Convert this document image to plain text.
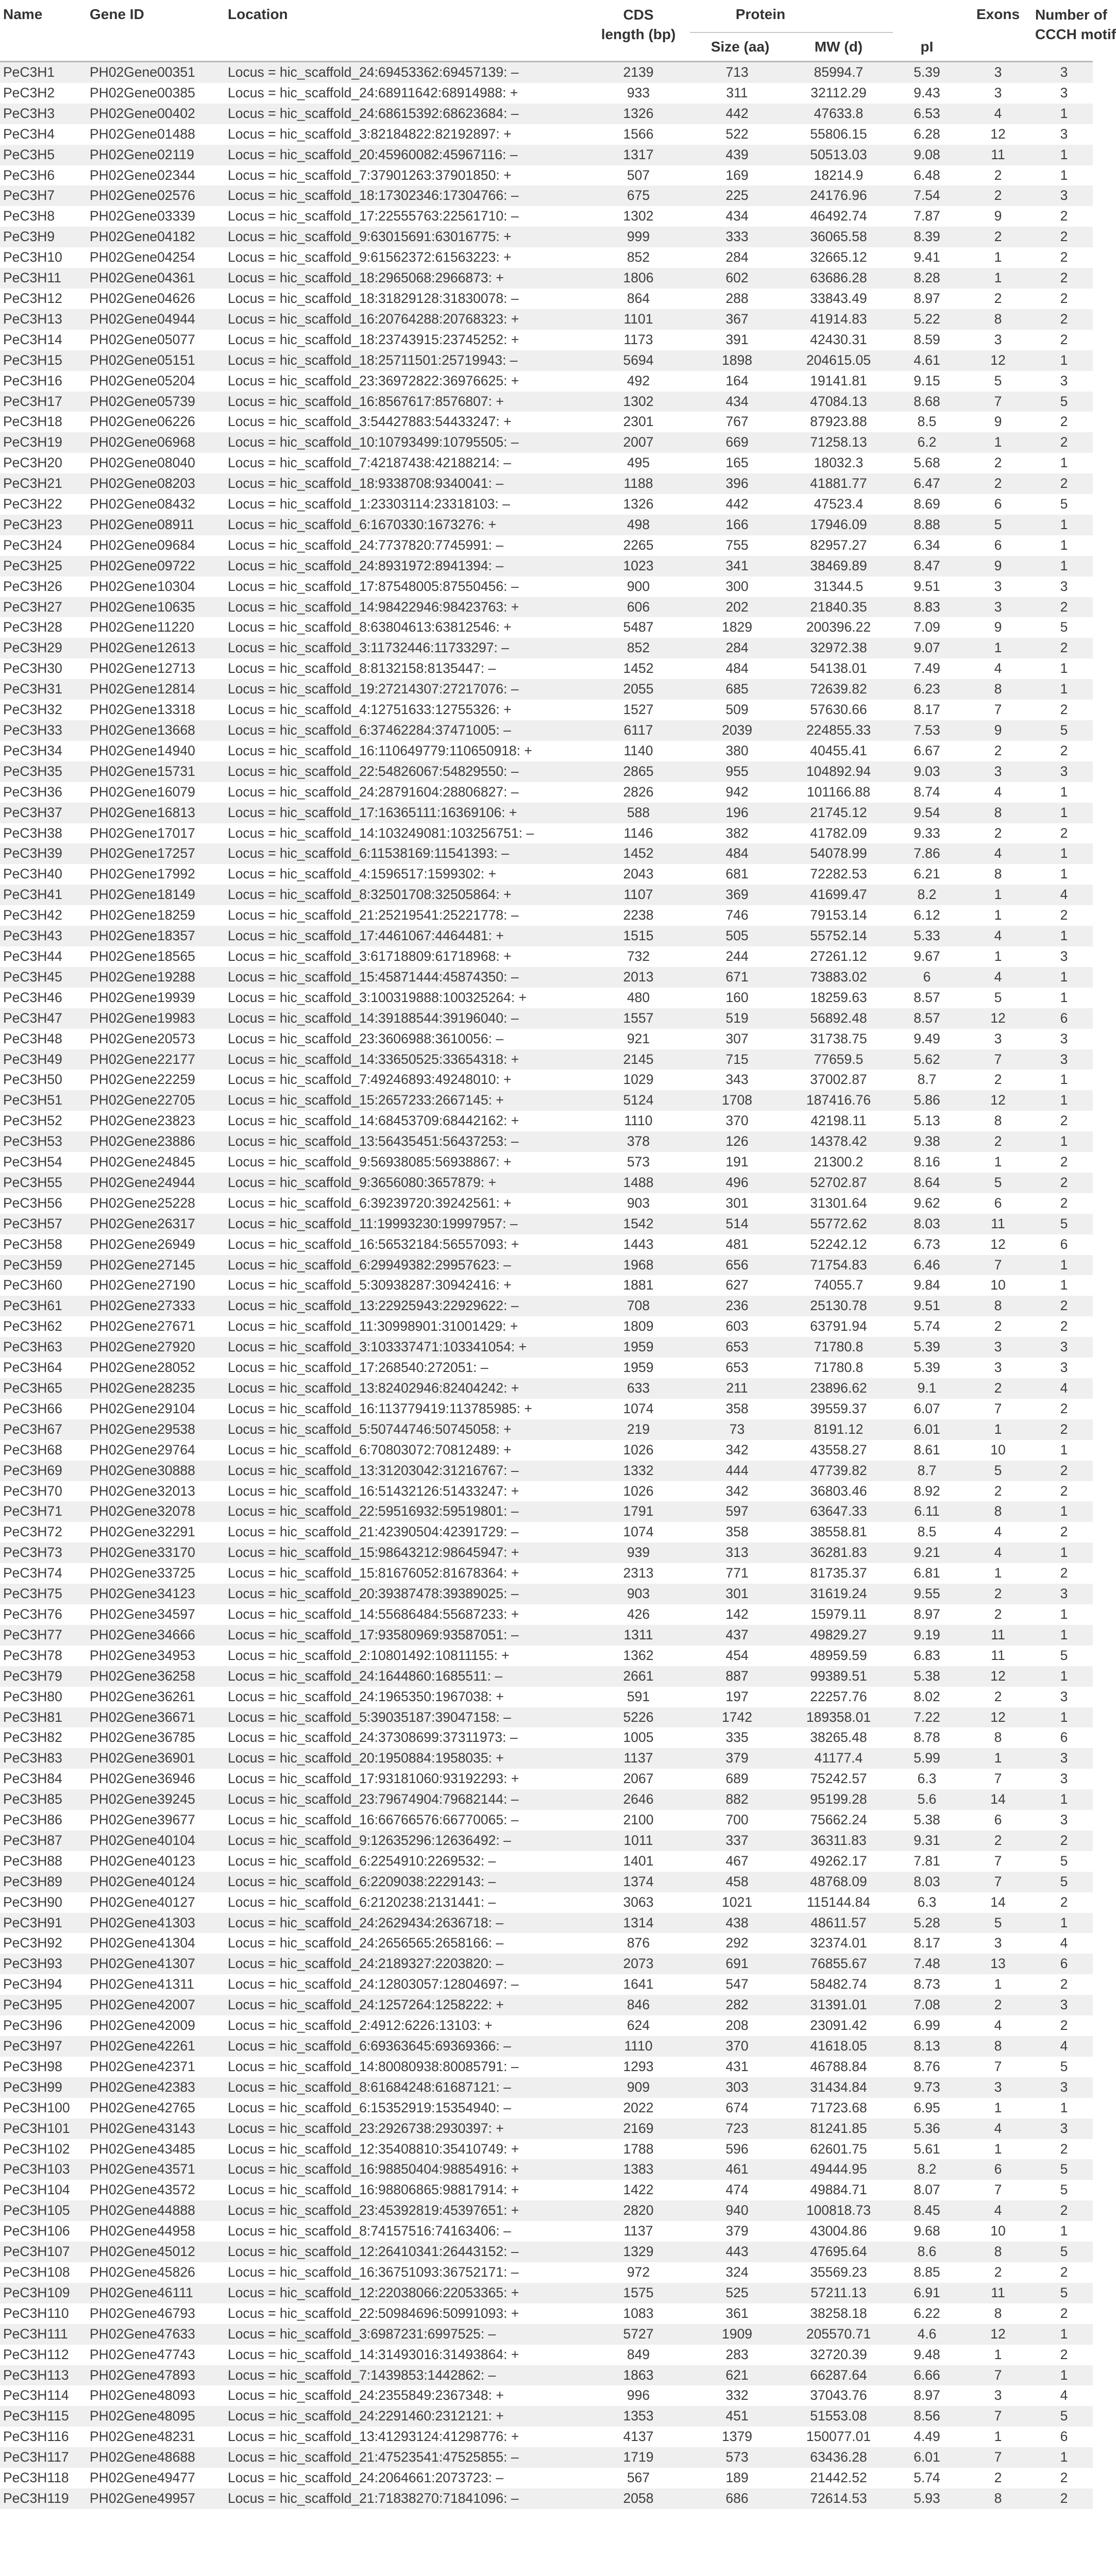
Name	Gene ID	Location	CDS
length (bp)	Protein			Exons	Number of
CCCH motif
				Size (aa)	MW (d)	pI		
PeC3H1	PH02Gene00351	Locus = hic_scaffold_24:69453362:69457139: –	2139	713	85994.7	5.39	3	3
PeC3H2	PH02Gene00385	Locus = hic_scaffold_24:68911642:68914988: +	933	311	32112.29	9.43	3	3
PeC3H3	PH02Gene00402	Locus = hic_scaffold_24:68615392:68623684: –	1326	442	47633.8	6.53	4	1
PeC3H4	PH02Gene01488	Locus = hic_scaffold_3:82184822:82192897: +	1566	522	55806.15	6.28	12	3
PeC3H5	PH02Gene02119	Locus = hic_scaffold_20:45960082:45967116: –	1317	439	50513.03	9.08	11	1
PeC3H6	PH02Gene02344	Locus = hic_scaffold_7:37901263:37901850: +	507	169	18214.9	6.48	2	1
PeC3H7	PH02Gene02576	Locus = hic_scaffold_18:17302346:17304766: –	675	225	24176.96	7.54	2	3
PeC3H8	PH02Gene03339	Locus = hic_scaffold_17:22555763:22561710: –	1302	434	46492.74	7.87	9	2
PeC3H9	PH02Gene04182	Locus = hic_scaffold_9:63015691:63016775: +	999	333	36065.58	8.39	2	2
PeC3H10	PH02Gene04254	Locus = hic_scaffold_9:61562372:61563223: +	852	284	32665.12	9.41	1	2
PeC3H11	PH02Gene04361	Locus = hic_scaffold_18:2965068:2966873: +	1806	602	63686.28	8.28	1	2
PeC3H12	PH02Gene04626	Locus = hic_scaffold_18:31829128:31830078: –	864	288	33843.49	8.97	2	2
PeC3H13	PH02Gene04944	Locus = hic_scaffold_16:20764288:20768323: +	1101	367	41914.83	5.22	8	2
PeC3H14	PH02Gene05077	Locus = hic_scaffold_18:23743915:23745252: +	1173	391	42430.31	8.59	3	2
PeC3H15	PH02Gene05151	Locus = hic_scaffold_18:25711501:25719943: –	5694	1898	204615.05	4.61	12	1
PeC3H16	PH02Gene05204	Locus = hic_scaffold_23:36972822:36976625: +	492	164	19141.81	9.15	5	3
PeC3H17	PH02Gene05739	Locus = hic_scaffold_16:8567617:8576807: +	1302	434	47084.13	8.68	7	5
PeC3H18	PH02Gene06226	Locus = hic_scaffold_3:54427883:54433247: +	2301	767	87923.88	8.5	9	2
PeC3H19	PH02Gene06968	Locus = hic_scaffold_10:10793499:10795505: –	2007	669	71258.13	6.2	1	2
PeC3H20	PH02Gene08040	Locus = hic_scaffold_7:42187438:42188214: –	495	165	18032.3	5.68	2	1
PeC3H21	PH02Gene08203	Locus = hic_scaffold_18:9338708:9340041: –	1188	396	41881.77	6.47	2	2
PeC3H22	PH02Gene08432	Locus = hic_scaffold_1:23303114:23318103: –	1326	442	47523.4	8.69	6	5
PeC3H23	PH02Gene08911	Locus = hic_scaffold_6:1670330:1673276: +	498	166	17946.09	8.88	5	1
PeC3H24	PH02Gene09684	Locus = hic_scaffold_24:7737820:7745991: –	2265	755	82957.27	6.34	6	1
PeC3H25	PH02Gene09722	Locus = hic_scaffold_24:8931972:8941394: –	1023	341	38469.89	8.47	9	1
PeC3H26	PH02Gene10304	Locus = hic_scaffold_17:87548005:87550456: –	900	300	31344.5	9.51	3	3
PeC3H27	PH02Gene10635	Locus = hic_scaffold_14:98422946:98423763: +	606	202	21840.35	8.83	3	2
PeC3H28	PH02Gene11220	Locus = hic_scaffold_8:63804613:63812546: +	5487	1829	200396.22	7.09	9	5
PeC3H29	PH02Gene12613	Locus = hic_scaffold_3:11732446:11733297: –	852	284	32972.38	9.07	1	2
PeC3H30	PH02Gene12713	Locus = hic_scaffold_8:8132158:8135447: –	1452	484	54138.01	7.49	4	1
PeC3H31	PH02Gene12814	Locus = hic_scaffold_19:27214307:27217076: –	2055	685	72639.82	6.23	8	1
PeC3H32	PH02Gene13318	Locus = hic_scaffold_4:12751633:12755326: +	1527	509	57630.66	8.17	7	2
PeC3H33	PH02Gene13668	Locus = hic_scaffold_6:37462284:37471005: –	6117	2039	224855.33	7.53	9	5
PeC3H34	PH02Gene14940	Locus = hic_scaffold_16:110649779:110650918: +	1140	380	40455.41	6.67	2	2
PeC3H35	PH02Gene15731	Locus = hic_scaffold_22:54826067:54829550: –	2865	955	104892.94	9.03	3	3
PeC3H36	PH02Gene16079	Locus = hic_scaffold_24:28791604:28806827: –	2826	942	101166.88	8.74	4	1
PeC3H37	PH02Gene16813	Locus = hic_scaffold_17:16365111:16369106: +	588	196	21745.12	9.54	8	1
PeC3H38	PH02Gene17017	Locus = hic_scaffold_14:103249081:103256751: –	1146	382	41782.09	9.33	2	2
PeC3H39	PH02Gene17257	Locus = hic_scaffold_6:11538169:11541393: –	1452	484	54078.99	7.86	4	1
PeC3H40	PH02Gene17992	Locus = hic_scaffold_4:1596517:1599302: +	2043	681	72282.53	6.21	8	1
PeC3H41	PH02Gene18149	Locus = hic_scaffold_8:32501708:32505864: +	1107	369	41699.47	8.2	1	4
PeC3H42	PH02Gene18259	Locus = hic_scaffold_21:25219541:25221778: –	2238	746	79153.14	6.12	1	2
PeC3H43	PH02Gene18357	Locus = hic_scaffold_17:4461067:4464481: +	1515	505	55752.14	5.33	4	1
PeC3H44	PH02Gene18565	Locus = hic_scaffold_3:61718809:61718968: +	732	244	27261.12	9.67	1	3
PeC3H45	PH02Gene19288	Locus = hic_scaffold_15:45871444:45874350: –	2013	671	73883.02	6	4	1
PeC3H46	PH02Gene19939	Locus = hic_scaffold_3:100319888:100325264: +	480	160	18259.63	8.57	5	1
PeC3H47	PH02Gene19983	Locus = hic_scaffold_14:39188544:39196040: –	1557	519	56892.48	8.57	12	6
PeC3H48	PH02Gene20573	Locus = hic_scaffold_23:3606988:3610056: –	921	307	31738.75	9.49	3	3
PeC3H49	PH02Gene22177	Locus = hic_scaffold_14:33650525:33654318: +	2145	715	77659.5	5.62	7	3
PeC3H50	PH02Gene22259	Locus = hic_scaffold_7:49246893:49248010: +	1029	343	37002.87	8.7	2	1
PeC3H51	PH02Gene22705	Locus = hic_scaffold_15:2657233:2667145: +	5124	1708	187416.76	5.86	12	1
PeC3H52	PH02Gene23823	Locus = hic_scaffold_14:68453709:68442162: +	1110	370	42198.11	5.13	8	2
PeC3H53	PH02Gene23886	Locus = hic_scaffold_13:56435451:56437253: –	378	126	14378.42	9.38	2	1
PeC3H54	PH02Gene24845	Locus = hic_scaffold_9:56938085:56938867: +	573	191	21300.2	8.16	1	2
PeC3H55	PH02Gene24944	Locus = hic_scaffold_9:3656080:3657879: +	1488	496	52702.87	8.64	5	2
PeC3H56	PH02Gene25228	Locus = hic_scaffold_6:39239720:39242561: +	903	301	31301.64	9.62	6	2
PeC3H57	PH02Gene26317	Locus = hic_scaffold_11:19993230:19997957: –	1542	514	55772.62	8.03	11	5
PeC3H58	PH02Gene26949	Locus = hic_scaffold_16:56532184:56557093: +	1443	481	52242.12	6.73	12	6
PeC3H59	PH02Gene27145	Locus = hic_scaffold_6:29949382:29957623: –	1968	656	71754.83	6.46	7	1
PeC3H60	PH02Gene27190	Locus = hic_scaffold_5:30938287:30942416: +	1881	627	74055.7	9.84	10	1
PeC3H61	PH02Gene27333	Locus = hic_scaffold_13:22925943:22929622: –	708	236	25130.78	9.51	8	2
PeC3H62	PH02Gene27671	Locus = hic_scaffold_11:30998901:31001429: +	1809	603	63791.94	5.74	2	2
PeC3H63	PH02Gene27920	Locus = hic_scaffold_3:103337471:103341054: +	1959	653	71780.8	5.39	3	3
PeC3H64	PH02Gene28052	Locus = hic_scaffold_17:268540:272051: –	1959	653	71780.8	5.39	3	3
PeC3H65	PH02Gene28235	Locus = hic_scaffold_13:82402946:82404242: +	633	211	23896.62	9.1	2	4
PeC3H66	PH02Gene29104	Locus = hic_scaffold_16:113779419:113785985: +	1074	358	39559.37	6.07	7	2
PeC3H67	PH02Gene29538	Locus = hic_scaffold_5:50744746:50745058: +	219	73	8191.12	6.01	1	2
PeC3H68	PH02Gene29764	Locus = hic_scaffold_6:70803072:70812489: +	1026	342	43558.27	8.61	10	1
PeC3H69	PH02Gene30888	Locus = hic_scaffold_13:31203042:31216767: –	1332	444	47739.82	8.7	5	2
PeC3H70	PH02Gene32013	Locus = hic_scaffold_16:51432126:51433247: +	1026	342	36803.46	8.92	2	2
PeC3H71	PH02Gene32078	Locus = hic_scaffold_22:59516932:59519801: –	1791	597	63647.33	6.11	8	1
PeC3H72	PH02Gene32291	Locus = hic_scaffold_21:42390504:42391729: –	1074	358	38558.81	8.5	4	2
PeC3H73	PH02Gene33170	Locus = hic_scaffold_15:98643212:98645947: +	939	313	36281.83	9.21	4	1
PeC3H74	PH02Gene33725	Locus = hic_scaffold_15:81676052:81678364: +	2313	771	81735.37	6.81	1	2
PeC3H75	PH02Gene34123	Locus = hic_scaffold_20:39387478:39389025: –	903	301	31619.24	9.55	2	3
PeC3H76	PH02Gene34597	Locus = hic_scaffold_14:55686484:55687233: +	426	142	15979.11	8.97	2	1
PeC3H77	PH02Gene34666	Locus = hic_scaffold_17:93580969:93587051: –	1311	437	49829.27	9.19	11	1
PeC3H78	PH02Gene34953	Locus = hic_scaffold_2:10801492:10811155: +	1362	454	48959.59	6.83	11	5
PeC3H79	PH02Gene36258	Locus = hic_scaffold_24:1644860:1685511: –	2661	887	99389.51	5.38	12	1
PeC3H80	PH02Gene36261	Locus = hic_scaffold_24:1965350:1967038: +	591	197	22257.76	8.02	2	3
PeC3H81	PH02Gene36671	Locus = hic_scaffold_5:39035187:39047158: –	5226	1742	189358.01	7.22	12	1
PeC3H82	PH02Gene36785	Locus = hic_scaffold_24:37308699:37311973: –	1005	335	38265.48	8.78	8	6
PeC3H83	PH02Gene36901	Locus = hic_scaffold_20:1950884:1958035: +	1137	379	41177.4	5.99	1	3
PeC3H84	PH02Gene36946	Locus = hic_scaffold_17:93181060:93192293: +	2067	689	75242.57	6.3	7	3
PeC3H85	PH02Gene39245	Locus = hic_scaffold_23:79674904:79682144: –	2646	882	95199.28	5.6	14	1
PeC3H86	PH02Gene39677	Locus = hic_scaffold_16:66766576:66770065: –	2100	700	75662.24	5.38	6	3
PeC3H87	PH02Gene40104	Locus = hic_scaffold_9:12635296:12636492: –	1011	337	36311.83	9.31	2	2
PeC3H88	PH02Gene40123	Locus = hic_scaffold_6:2254910:2269532: –	1401	467	49262.17	7.81	7	5
PeC3H89	PH02Gene40124	Locus = hic_scaffold_6:2209038:2229143: –	1374	458	48768.09	8.03	7	5
PeC3H90	PH02Gene40127	Locus = hic_scaffold_6:2120238:2131441: –	3063	1021	115144.84	6.3	14	2
PeC3H91	PH02Gene41303	Locus = hic_scaffold_24:2629434:2636718: –	1314	438	48611.57	5.28	5	1
PeC3H92	PH02Gene41304	Locus = hic_scaffold_24:2656565:2658166: –	876	292	32374.01	8.17	3	4
PeC3H93	PH02Gene41307	Locus = hic_scaffold_24:2189327:2203820: –	2073	691	76855.67	7.48	13	6
PeC3H94	PH02Gene41311	Locus = hic_scaffold_24:12803057:12804697: –	1641	547	58482.74	8.73	1	2
PeC3H95	PH02Gene42007	Locus = hic_scaffold_24:1257264:1258222: +	846	282	31391.01	7.08	2	3
PeC3H96	PH02Gene42009	Locus = hic_scaffold_2:4912:6226:13103: +	624	208	23091.42	6.99	4	2
PeC3H97	PH02Gene42261	Locus = hic_scaffold_6:69363645:69369366: –	1110	370	41618.05	8.13	8	4
PeC3H98	PH02Gene42371	Locus = hic_scaffold_14:80080938:80085791: –	1293	431	46788.84	8.76	7	5
PeC3H99	PH02Gene42383	Locus = hic_scaffold_8:61684248:61687121: –	909	303	31434.84	9.73	3	3
PeC3H100	PH02Gene42765	Locus = hic_scaffold_6:15352919:15354940: –	2022	674	71723.68	6.95	1	1
PeC3H101	PH02Gene43143	Locus = hic_scaffold_23:2926738:2930397: +	2169	723	81241.85	5.36	4	3
PeC3H102	PH02Gene43485	Locus = hic_scaffold_12:35408810:35410749: +	1788	596	62601.75	5.61	1	2
PeC3H103	PH02Gene43571	Locus = hic_scaffold_16:98850404:98854916: +	1383	461	49444.95	8.2	6	5
PeC3H104	PH02Gene43572	Locus = hic_scaffold_16:98806865:98817914: +	1422	474	49884.71	8.07	7	5
PeC3H105	PH02Gene44888	Locus = hic_scaffold_23:45392819:45397651: +	2820	940	100818.73	8.45	4	2
PeC3H106	PH02Gene44958	Locus = hic_scaffold_8:74157516:74163406: –	1137	379	43004.86	9.68	10	1
PeC3H107	PH02Gene45012	Locus = hic_scaffold_12:26410341:26443152: –	1329	443	47695.64	8.6	8	5
PeC3H108	PH02Gene45826	Locus = hic_scaffold_16:36751093:36752171: –	972	324	35569.23	8.85	2	2
PeC3H109	PH02Gene46111	Locus = hic_scaffold_12:22038066:22053365: +	1575	525	57211.13	6.91	11	5
PeC3H110	PH02Gene46793	Locus = hic_scaffold_22:50984696:50991093: +	1083	361	38258.18	6.22	8	2
PeC3H111	PH02Gene47633	Locus = hic_scaffold_3:6987231:6997525: –	5727	1909	205570.71	4.6	12	1
PeC3H112	PH02Gene47743	Locus = hic_scaffold_14:31493016:31493864: +	849	283	32720.39	9.48	1	2
PeC3H113	PH02Gene47893	Locus = hic_scaffold_7:1439853:1442862: –	1863	621	66287.64	6.66	7	1
PeC3H114	PH02Gene48093	Locus = hic_scaffold_24:2355849:2367348: +	996	332	37043.76	8.97	3	4
PeC3H115	PH02Gene48095	Locus = hic_scaffold_24:2291460:2312121: +	1353	451	51553.08	8.56	7	5
PeC3H116	PH02Gene48231	Locus = hic_scaffold_13:41293124:41298776: +	4137	1379	150077.01	4.49	1	6
PeC3H117	PH02Gene48688	Locus = hic_scaffold_21:47523541:47525855: –	1719	573	63436.28	6.01	7	1
PeC3H118	PH02Gene49477	Locus = hic_scaffold_24:2064661:2073723: –	567	189	21442.52	5.74	2	2
PeC3H119	PH02Gene49957	Locus = hic_scaffold_21:71838270:71841096: –	2058	686	72614.53	5.93	8	2
